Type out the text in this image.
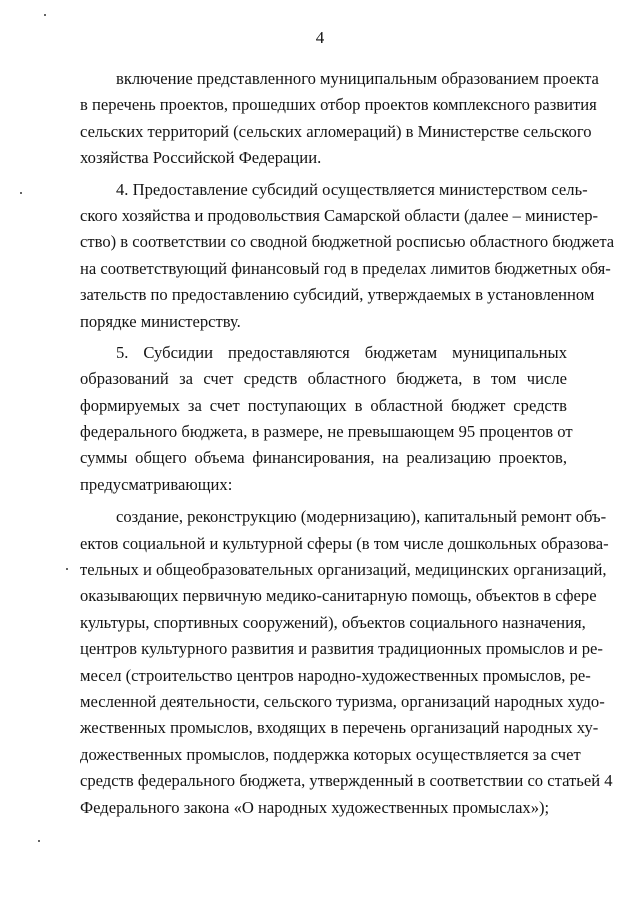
4
включение представленного муниципальным образованием проекта
в перечень проектов, прошедших отбор проектов комплексного развития
сельских территорий (сельских агломераций) в Министерстве сельского
хозяйства Российской Федерации.
4. Предоставление субсидий осуществляется министерством сель-
ского хозяйства и продовольствия Самарской области (далее – министер-
ство) в соответствии со сводной бюджетной росписью областного бюджета
на соответствующий финансовый год в пределах лимитов бюджетных обя-
зательств по предоставлению субсидий, утверждаемых в установленном
порядке министерству.
5. Субсидии предоставляются бюджетам муниципальных
образований за счет средств областного бюджета, в том числе
формируемых за счет поступающих в областной бюджет средств
федерального бюджета, в размере, не превышающем 95 процентов от
суммы общего объема финансирования, на реализацию проектов,
предусматривающих:
создание, реконструкцию (модернизацию), капитальный ремонт объ-
ектов социальной и культурной сферы (в том числе дошкольных образова-
тельных и общеобразовательных организаций, медицинских организаций,
оказывающих первичную медико-санитарную помощь, объектов в сфере
культуры, спортивных сооружений), объектов социального назначения,
центров культурного развития и развития традиционных промыслов и ре-
месел (строительство центров народно-художественных промыслов, ре-
месленной деятельности, сельского туризма, организаций народных худо-
жественных промыслов, входящих в перечень организаций народных ху-
дожественных промыслов, поддержка которых осуществляется за счет
средств федерального бюджета, утвержденный в соответствии со статьей 4
Федерального закона «О народных художественных промыслах»);
